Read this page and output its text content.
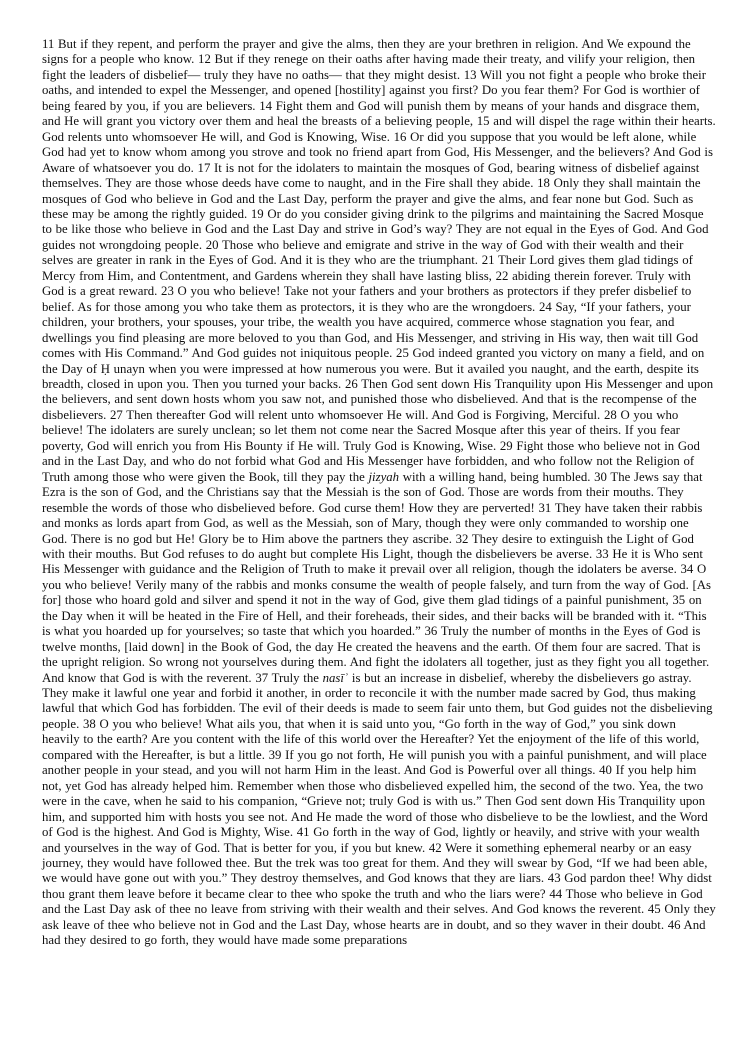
11 But if they repent, and perform the prayer and give the alms, then they are your brethren in religion. And We expound the signs for a people who know. 12 But if they renege on their oaths after having made their treaty, and vilify your religion, then fight the leaders of disbelief— truly they have no oaths— that they might desist. 13 Will you not fight a people who broke their oaths, and intended to expel the Messenger, and opened [hostility] against you first? Do you fear them? For God is worthier of being feared by you, if you are believers. 14 Fight them and God will punish them by means of your hands and disgrace them, and He will grant you victory over them and heal the breasts of a believing people, 15 and will dispel the rage within their hearts. God relents unto whomsoever He will, and God is Knowing, Wise. 16 Or did you suppose that you would be left alone, while God had yet to know whom among you strove and took no friend apart from God, His Messenger, and the believers? And God is Aware of whatsoever you do. 17 It is not for the idolaters to maintain the mosques of God, bearing witness of disbelief against themselves. They are those whose deeds have come to naught, and in the Fire shall they abide. 18 Only they shall maintain the mosques of God who believe in God and the Last Day, perform the prayer and give the alms, and fear none but God. Such as these may be among the rightly guided. 19 Or do you consider giving drink to the pilgrims and maintaining the Sacred Mosque to be like those who believe in God and the Last Day and strive in God’s way? They are not equal in the Eyes of God. And God guides not wrongdoing people. 20 Those who believe and emigrate and strive in the way of God with their wealth and their selves are greater in rank in the Eyes of God. And it is they who are the triumphant. 21 Their Lord gives them glad tidings of Mercy from Him, and Contentment, and Gardens wherein they shall have lasting bliss, 22 abiding therein forever. Truly with God is a great reward. 23 O you who believe! Take not your fathers and your brothers as protectors if they prefer disbelief to belief. As for those among you who take them as protectors, it is they who are the wrongdoers. 24 Say, “If your fathers, your children, your brothers, your spouses, your tribe, the wealth you have acquired, commerce whose stagnation you fear, and dwellings you find pleasing are more beloved to you than God, and His Messenger, and striving in His way, then wait till God comes with His Command.” And God guides not iniquitous people. 25 God indeed granted you victory on many a field, and on the Day of Ḥ unayn when you were impressed at how numerous you were. But it availed you naught, and the earth, despite its breadth, closed in upon you. Then you turned your backs. 26 Then God sent down His Tranquility upon His Messenger and upon the believers, and sent down hosts whom you saw not, and punished those who disbelieved. And that is the recompense of the disbelievers. 27 Then thereafter God will relent unto whomsoever He will. And God is Forgiving, Merciful. 28 O you who believe! The idolaters are surely unclean; so let them not come near the Sacred Mosque after this year of theirs. If you fear poverty, God will enrich you from His Bounty if He will. Truly God is Knowing, Wise. 29 Fight those who believe not in God and in the Last Day, and who do not forbid what God and His Messenger have forbidden, and who follow not the Religion of Truth among those who were given the Book, till they pay the jizyah with a willing hand, being humbled. 30 The Jews say that Ezra is the son of God, and the Christians say that the Messiah is the son of God. Those are words from their mouths. They resemble the words of those who disbelieved before. God curse them! How they are perverted! 31 They have taken their rabbis and monks as lords apart from God, as well as the Messiah, son of Mary, though they were only commanded to worship one God. There is no god but He! Glory be to Him above the partners they ascribe. 32 They desire to extinguish the Light of God with their mouths. But God refuses to do aught but complete His Light, though the disbelievers be averse. 33 He it is Who sent His Messenger with guidance and the Religion of Truth to make it prevail over all religion, though the idolaters be averse. 34 O you who believe! Verily many of the rabbis and monks consume the wealth of people falsely, and turn from the way of God. [As for] those who hoard gold and silver and spend it not in the way of God, give them glad tidings of a painful punishment, 35 on the Day when it will be heated in the Fire of Hell, and their foreheads, their sides, and their backs will be branded with it. “This is what you hoarded up for yourselves; so taste that which you hoarded.” 36 Truly the number of months in the Eyes of God is twelve months, [laid down] in the Book of God, the day He created the heavens and the earth. Of them four are sacred. That is the upright religion. So wrong not yourselves during them. And fight the idolaters all together, just as they fight you all together. And know that God is with the reverent. 37 Truly the nasīʾ is but an increase in disbelief, whereby the disbelievers go astray. They make it lawful one year and forbid it another, in order to reconcile it with the number made sacred by God, thus making lawful that which God has forbidden. The evil of their deeds is made to seem fair unto them, but God guides not the disbelieving people. 38 O you who believe! What ails you, that when it is said unto you, “Go forth in the way of God,” you sink down heavily to the earth? Are you content with the life of this world over the Hereafter? Yet the enjoyment of the life of this world, compared with the Hereafter, is but a little. 39 If you go not forth, He will punish you with a painful punishment, and will place another people in your stead, and you will not harm Him in the least. And God is Powerful over all things. 40 If you help him not, yet God has already helped him. Remember when those who disbelieved expelled him, the second of the two. Yea, the two were in the cave, when he said to his companion, “Grieve not; truly God is with us.” Then God sent down His Tranquility upon him, and supported him with hosts you see not. And He made the word of those who disbelieve to be the lowliest, and the Word of God is the highest. And God is Mighty, Wise. 41 Go forth in the way of God, lightly or heavily, and strive with your wealth and yourselves in the way of God. That is better for you, if you but knew. 42 Were it something ephemeral nearby or an easy journey, they would have followed thee. But the trek was too great for them. And they will swear by God, “If we had been able, we would have gone out with you.” They destroy themselves, and God knows that they are liars. 43 God pardon thee! Why didst thou grant them leave before it became clear to thee who spoke the truth and who the liars were? 44 Those who believe in God and the Last Day ask of thee no leave from striving with their wealth and their selves. And God knows the reverent. 45 Only they ask leave of thee who believe not in God and the Last Day, whose hearts are in doubt, and so they waver in their doubt. 46 And had they desired to go forth, they would have made some preparations
